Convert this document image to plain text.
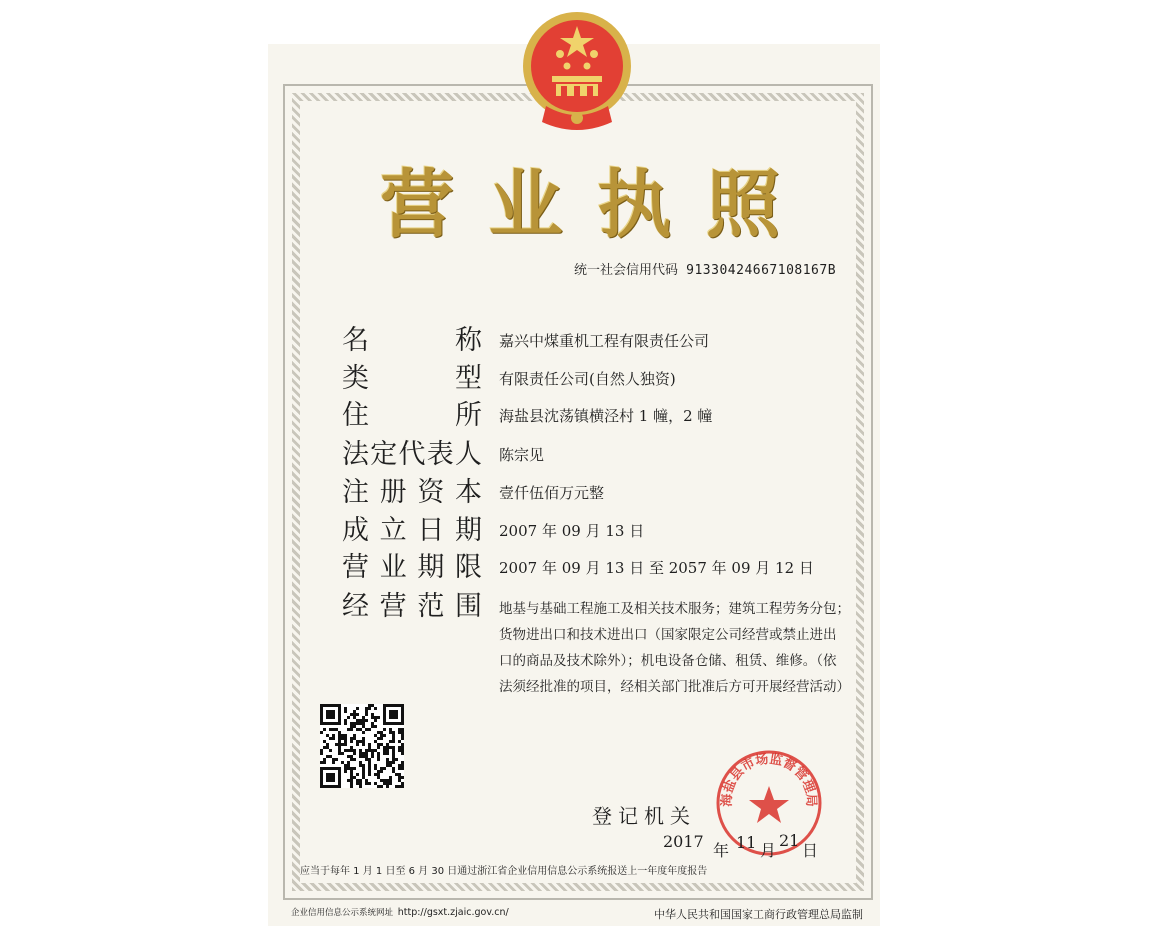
营 业 执 照
统一社会信用代码 91330424667108167B
名	称 嘉兴中煤重机工程有限责任公司
类	型 有限责任公司(自然人独资)
住	所 海盐县沈荡镇横泾村 1 幢，2 幢
法 定 代 表 人 陈宗见
注 册 资 本 壹仟伍佰万元整
成 立 日 期 2007 年 09 月 13 日
营 业 期 限 2007 年 09 月 13 日 至 2057 年 09 月 12 日
经 营 范 围 地基与基础工程施工及相关技术服务；建筑工程劳务分包；
货物进出口和技术进出口（国家限定公司经营或禁止进出
口的商品及技术除外）；机电设备仓储、租赁、维修。（依
法须经批准的项目，经相关部门批准后方可开展经营活动）
登记机关
海盐县市场监督管理局
2017 年 11 月
21
日
应当于每年 1 月 1 日至 6 月 30 日通过浙江省企业信用信息公示系统报送上一年度年度报告
企业信用信息公示系统网址 http://gsxt.zjaic.gov.cn/	中华人民共和国国家工商行政管理总局监制
